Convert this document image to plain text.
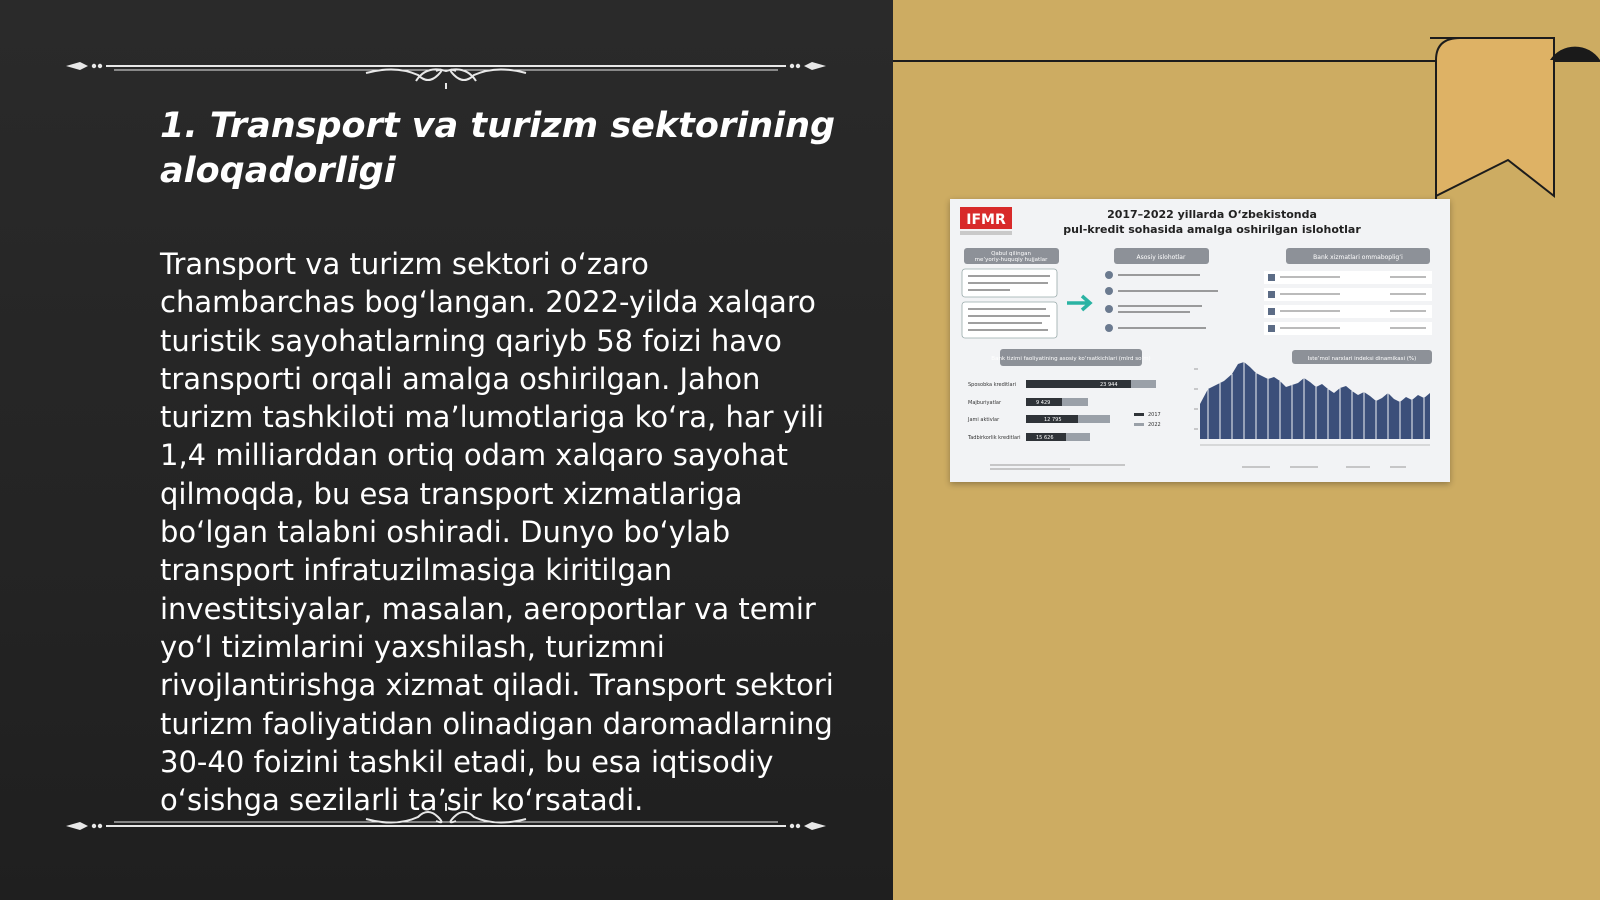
1. Transport va turizm sektorining aloqadorligi

Transport va turizm sektori o‘zaro chambarchas bog‘langan. 2022-yilda xalqaro turistik sayohatlarning qariyb 58 foizi havo transporti orqali amalga oshirilgan. Jahon turizm tashkiloti ma’lumotlariga ko‘ra, har yili 1,4 milliarddan ortiq odam xalqaro sayohat qilmoqda, bu esa transport xizmatlariga bo‘lgan talabni oshiradi. Dunyo bo‘ylab transport infratuzilmasiga kiritilgan investitsiyalar, masalan, aeroportlar va temir yo‘l tizimlarini yaxshilash, turizmni rivojlantirishga xizmat qiladi. Transport sektori turizm faoliyatidan olinadigan daromadlarning 30-40 foizini tashkil etadi, bu esa iqtisodiy o‘sishga sezilarli ta’sir ko‘rsatadi.

IFMR	2017–2022 yillarda O‘zbekistonda
pul-kredit sohasida amalga oshirilgan islohotlar
Qabul qilingan
me’yoriy-huquqiy hujjatlar	Asosiy islohotlar	Bank xizmatlari ommaboplig‘i
Bank tizimi faoliyatining asosiy ko‘rsatkichlari (mlrd so‘m)
Sposobka kreditlari
Majburiyatlar
Jami aktivlar
Tadbirkorlik kreditlari
23 944
9 429
12 795
15 626
2017
2022
Iste’mol narxlari indeksi dinamikasi (%)
